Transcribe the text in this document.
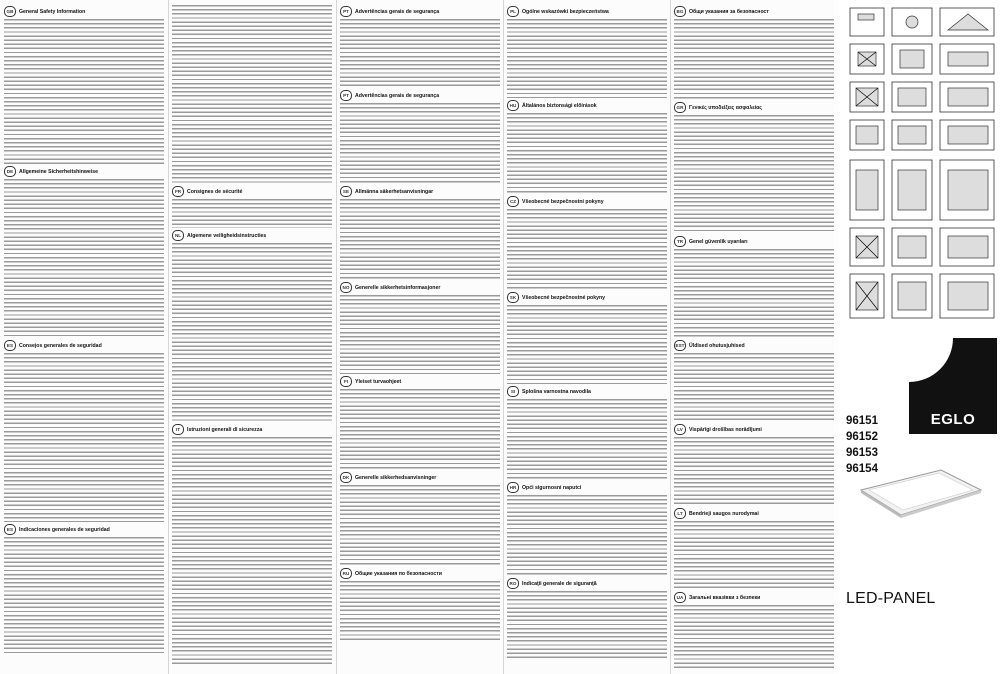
GB	General Safety Information
DE	Allgemeine Sicherheitshinweise
ES	Consejos generales de seguridad
ES	Indicaciones generales de seguridad
FR	Consignes de sécurité
NL	Algemene veiligheidsinstructies
IT	Istruzioni generali di sicurezza
PT	Advertências gerais de segurança
PT	Advertências gerais de segurança
SE	Allmänna säkerhetsanvisningar
NO	Generelle sikkerhetsinformasjoner
FI	Yleiset turvaohjeet
DK	Generelle sikkerhedsanvisninger
RU	Общие указания по безопасности
PL	Ogólne wskazówki bezpieczeństwa
HU	Általános biztonsági előírások
CZ	Všeobecné bezpečnostní pokyny
SK	Všeobecné bezpečnostné pokyny
SI	Splošna varnostna navodila
HR	Opći sigurnosni naputci
RO	Indicaţii generale de siguranţă
BG	Общи указания за безопасност
GR	Γενικές υποδείξεις ασφαλείας
TR	Genel güvenlik uyarıları
EST Üldised ohutusjuhised
LV	Vispārīgi drošības norādījumi
LT	Bendrieji saugos nurodymai
UA	Загальні вказівки з безпеки
96151
96152
96153
96154
EGLO
LED-PANEL
